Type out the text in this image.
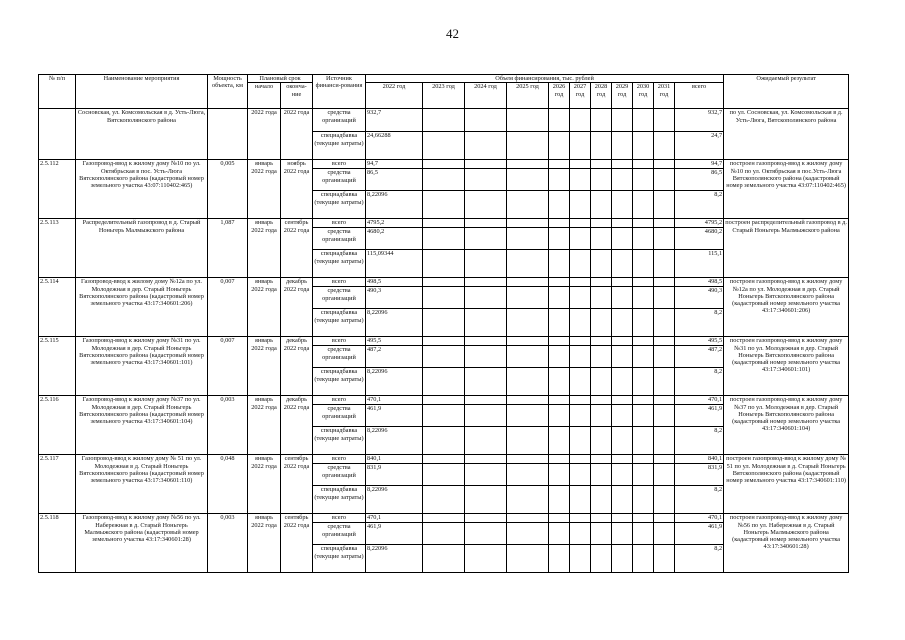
42
№ п/п	Наименование мероприятия	Мощность объекта, км	Плановый срок		Источник финанси-рования	Объем финансирования, тыс. рублей											Ожидаемый результат
			начало	оконча-ние		2022 год	2023 год	2024 год	2025 год	2026 год	2027 год	2028 год	2029 год	2030 год	2031 год	всего	
	Сосновская, ул. Комсомольская в д. Усть-Люга, Вятскополянского района		2022 года	2022 года	средства организаций	932,7										932,7	по ул. Сосновская, ул. Комсомольская в д. Усть-Люга, Вятскополянского района
					спецнадбавка (текущие затраты)	24,66288										24,7	
2.5.112	Газопровод-ввод к жилому дому №10 по ул. Октябрьская в пос. Усть-Люга Вятскополянского района (кадастровый номер земельного участка 43:07:110402:465)	0,005	январь 2022 года	ноябрь 2022 года	всего	94,7										94,7	построен газопровод-ввод к жилому дому №10 по ул. Октябрьская в пос.Усть-Люга Вятскополянского района (кадастровый номер земельного участка 43:07:110402:465)
					средства организаций	86,5										86,5	
					спецнадбавка (текущие затраты)	8,22096										8,2	
2.5.113	Распределительный газопровод в д. Старый Ноньгерь Малмыжского района	1,087	январь 2022 года	сентябрь 2022 года	всего	4795,2										4795,2	построен распределительный газопровод в д. Старый Ноньгерь Малмыжского района
					средства организаций	4680,2										4680,2	
					спецнадбавка (текущие затраты)	115,09344										115,1	
2.5.114	Газопровод-ввод к жилому дому №12а по ул. Молодежная в дер. Старый Ноньгерь Вятскополянского района (кадастровый номер земельного участка 43:17:340601:206)	0,007	январь 2022 года	декабрь 2022 года	всего	498,5										498,5	построен газопровод-ввод к жилому дому №12а по ул. Молодежная в дер. Старый Ноньгерь Вятскополянского района (кадастровый номер земельного участка 43:17:340601:206)
					средства организаций	490,3										490,3	
					спецнадбавка (текущие затраты)	8,22096										8,2	
2.5.115	Газопровод-ввод к жилому дому №31 по ул. Молодежная в дер. Старый Ноньгерь Вятскополянского района (кадастровый номер земельного участка 43:17:340601:101)	0,007	январь 2022 года	декабрь 2022 года	всего	495,5										495,5	построен газопровод-ввод к жилому дому №31 по ул. Молодежная в дер. Старый Ноньгерь Вятскополянского района (кадастровый номер земельного участка 43:17:340601:101)
					средства организаций	487,2										487,2	
					спецнадбавка (текущие затраты)	8,22096										8,2	
2.5.116	Газопровод-ввод к жилому дому №37 по ул. Молодежная в дер. Старый Ноньгерь Вятскополянского района (кадастровый номер земельного участка 43:17:340601:104)	0,003	январь 2022 года	декабрь 2022 года	всего	470,1										470,1	построен газопровод-ввод к жилому дому №37 по ул. Молодежная в дер. Старый Ноньгерь Вятскополянского района (кадастровый номер земельного участка 43:17:340601:104)
					средства организаций	461,9										461,9	
					спецнадбавка (текущие затраты)	8,22096										8,2	
2.5.117	Газопровод-ввод к жилому дому № 51 по ул. Молодежная в д. Старый Ноньгерь Вятскополянского района (кадастровый номер земельного участка 43:17:340601:110)	0,048	январь 2022 года	сентябрь 2022 года	всего	840,1										840,1	построен газопровод-ввод к жилому дому № 51 по ул. Молодежная в д. Старый Ноньгерь Вятскополянского района (кадастровый номер земельного участка 43:17:340601:110)
					средства организаций	831,9										831,9	
					спецнадбавка (текущие затраты)	8,22096										8,2	
2.5.118	Газопровод-ввод к жилому дому №56 по ул. Набережная в д. Старый Ноньгерь Малмыжского района (кадастровый номер земельного участка 43:17:340601:28)	0,003	январь 2022 года	сентябрь 2022 года	всего	470,1										470,1	построен газопровод-ввод к жилому дому №56 по ул. Набережная в д. Старый Ноньгерь Малмыжского района (кадастровый номер земельного участка 43:17:340601:28)
					средства организаций	461,9										461,9	
					спецнадбавка (текущие затраты)	8,22096										8,2	
